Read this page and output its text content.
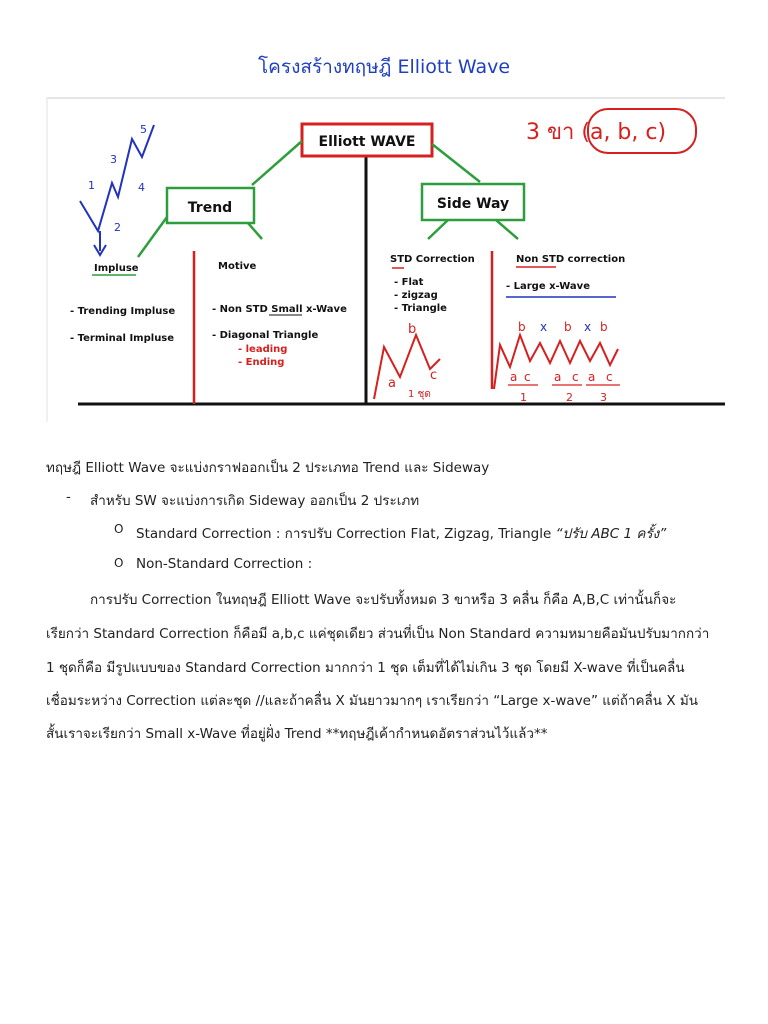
โครงสร้างทฤษฎี Elliott Wave
Elliott WAVE
Trend	Side Way
Impluse	Motive
- Trending Impluse
- Terminal Impluse
- Non STD Small x-Wave
- Diagonal Triangle
- leading
- Ending
STD Correction
- Flat
- zigzag
- Triangle
Non STD correction
- Large x-Wave
3 ขา (a, b, c)
1
2
3
4
5
b
a
c
1 ชุด
b x b x b
a c a c a c
1	2 3
ทฤษฎี Elliott Wave จะแบ่งกราฟออกเป็น 2 ประเภทอ Trend และ Sideway
- สำหรับ SW จะแบ่งการเกิด Sideway ออกเป็น 2 ประเภท
O Standard Correction : การปรับ Correction Flat, Zigzag, Triangle “ปรับ ABC 1 ครั้ง”
O Non-Standard Correction :
การปรับ Correction ในทฤษฎี Elliott Wave จะปรับทั้งหมด 3 ขาหรือ 3 คลื่น ก็คือ A,B,C เท่านั้นก็จะ
เรียกว่า Standard Correction ก็คือมี a,b,c แค่ชุดเดียว ส่วนที่เป็น Non Standard ความหมายคือมันปรับมากกว่า
1 ชุดก็คือ มีรูปแบบของ Standard Correction มากกว่า 1 ชุด เต็มที่ได้ไม่เกิน 3 ชุด โดยมี X-wave ที่เป็นคลื่น
เชื่อมระหว่าง Correction แต่ละชุด //และถ้าคลื่น X มันยาวมากๆ เราเรียกว่า “Large x-wave” แต่ถ้าคลื่น X มัน
สั้นเราจะเรียกว่า Small x-Wave ที่อยู่ฝั่ง Trend **ทฤษฎีเค้ากำหนดอัตราส่วนไว้แล้ว**
